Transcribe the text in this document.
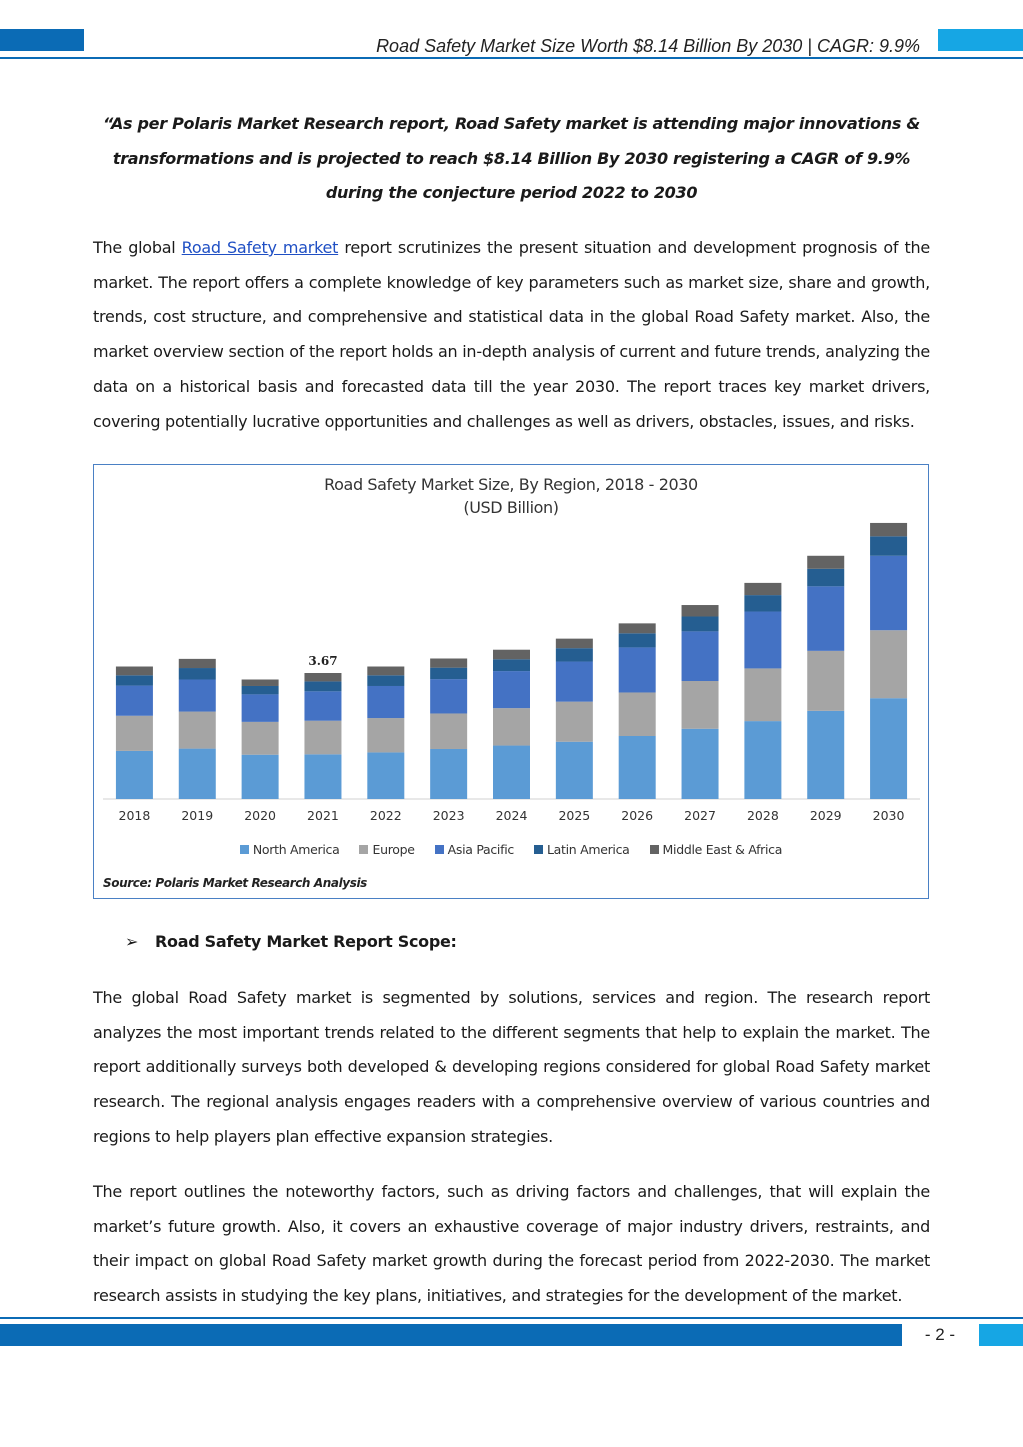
Road Safety Market Size Worth $8.14 Billion By 2030 | CAGR: 9.9%
“As per Polaris Market Research report, Road Safety market is attending major innovations & transformations and is projected to reach $8.14 Billion By 2030 registering a CAGR of 9.9% during the conjecture period 2022 to 2030

The global Road Safety market report scrutinizes the present situation and development prognosis of the market. The report offers a complete knowledge of key parameters such as market size, share and growth, trends, cost structure, and comprehensive and statistical data in the global Road Safety market. Also, the market overview section of the report holds an in-depth analysis of current and future trends, analyzing the data on a historical basis and forecasted data till the year 2030. The report traces key market drivers, covering potentially lucrative opportunities and challenges as well as drivers, obstacles, issues, and risks.

Road Safety Market Size, By Region, 2018 - 2030
(USD Billion)
2018 2019 2020
3.67
2021 2022 2023 2024 2025 2026 2027 2028 2029 2030
North America	Europe	Asia Pacific	Latin America	Middle East & Africa
Source: Polaris Market Research Analysis
➢	Road Safety Market Report Scope:

The global Road Safety market is segmented by solutions, services and region. The research report analyzes the most important trends related to the different segments that help to explain the market. The report additionally surveys both developed & developing regions considered for global Road Safety market research. The regional analysis engages readers with a comprehensive overview of various countries and regions to help players plan effective expansion strategies.

The report outlines the noteworthy factors, such as driving factors and challenges, that will explain the market’s future growth. Also, it covers an exhaustive coverage of major industry drivers, restraints, and their impact on global Road Safety market growth during the forecast period from 2022-2030. The market research assists in studying the key plans, initiatives, and strategies for the development of the market.

- 2 -
